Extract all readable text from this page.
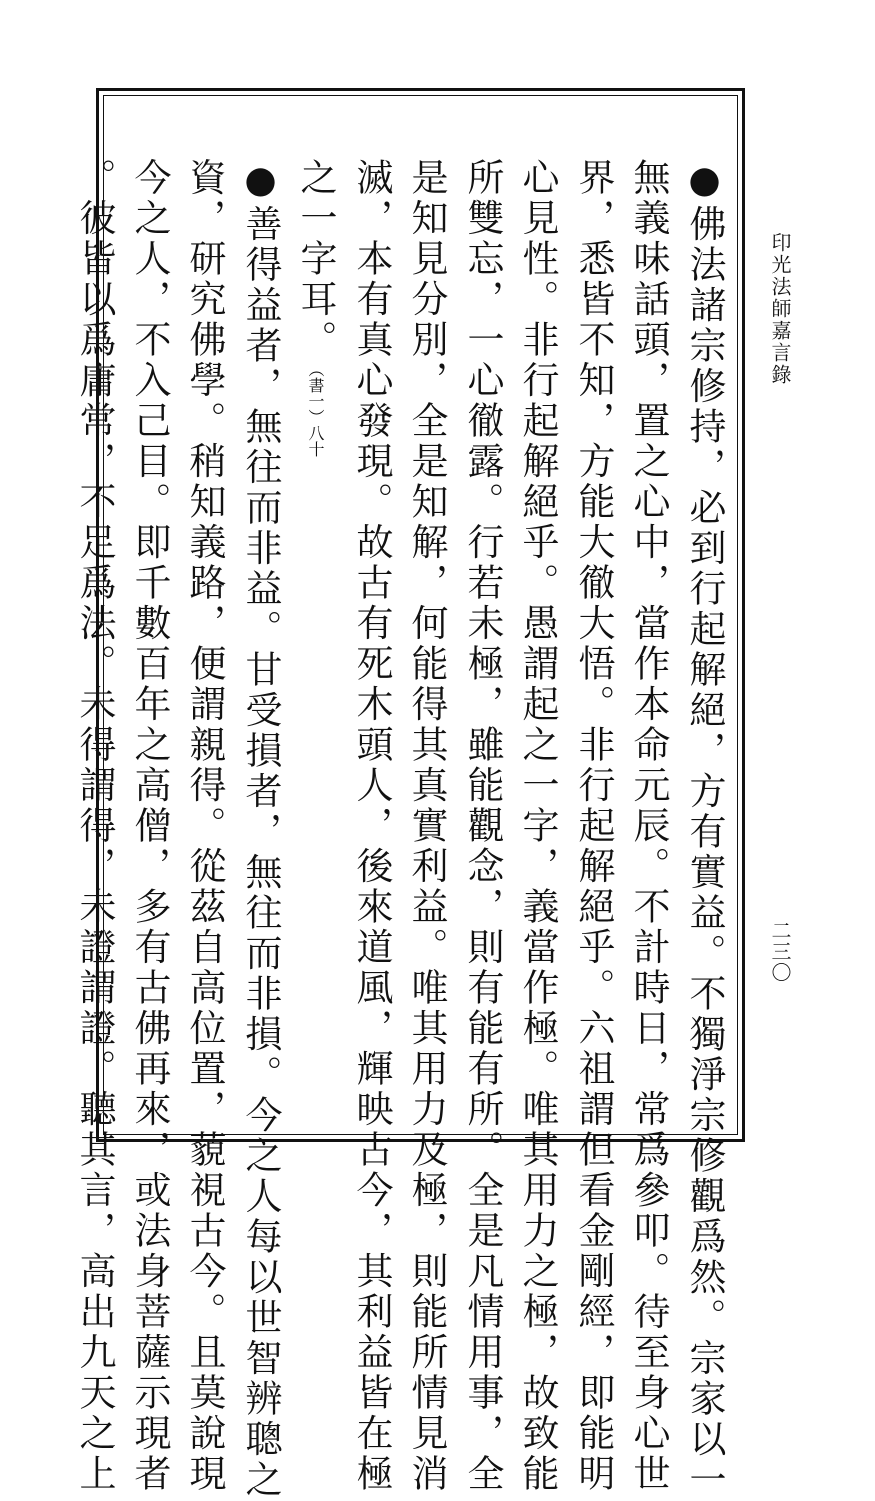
印光法師嘉言錄
二三〇
●佛法諸宗修持，必到行起解絕，方有實益。不獨淨宗修觀爲然。宗家以一
無義味話頭，置之心中，當作本命元辰。不計時日，常爲參叩。待至身心世
界，悉皆不知，方能大徹大悟。非行起解絕乎。六祖謂但看金剛經，即能明
心見性。非行起解絕乎。愚謂起之一字，義當作極。唯其用力之極，故致能
所雙忘，一心徹露。行若未極，雖能觀念，則有能有所。全是凡情用事，全
是知見分別，全是知解，何能得其真實利益。唯其用力及極，則能所情見消
滅，本有真心發現。故古有死木頭人，後來道風，輝映古今，其利益皆在極
之一字耳。（書一）八十
●善得益者，無往而非益。甘受損者，無往而非損。今之人每以世智辨聰之
資，研究佛學。稍知義路，便謂親得。從茲自高位置，藐視古今。且莫說現
今之人，不入己目。即千數百年之高僧，多有古佛再來，或法身菩薩示現者
。彼皆以爲庸常，不足爲法。未得謂得，未證謂證。聽其言，高出九天之上
